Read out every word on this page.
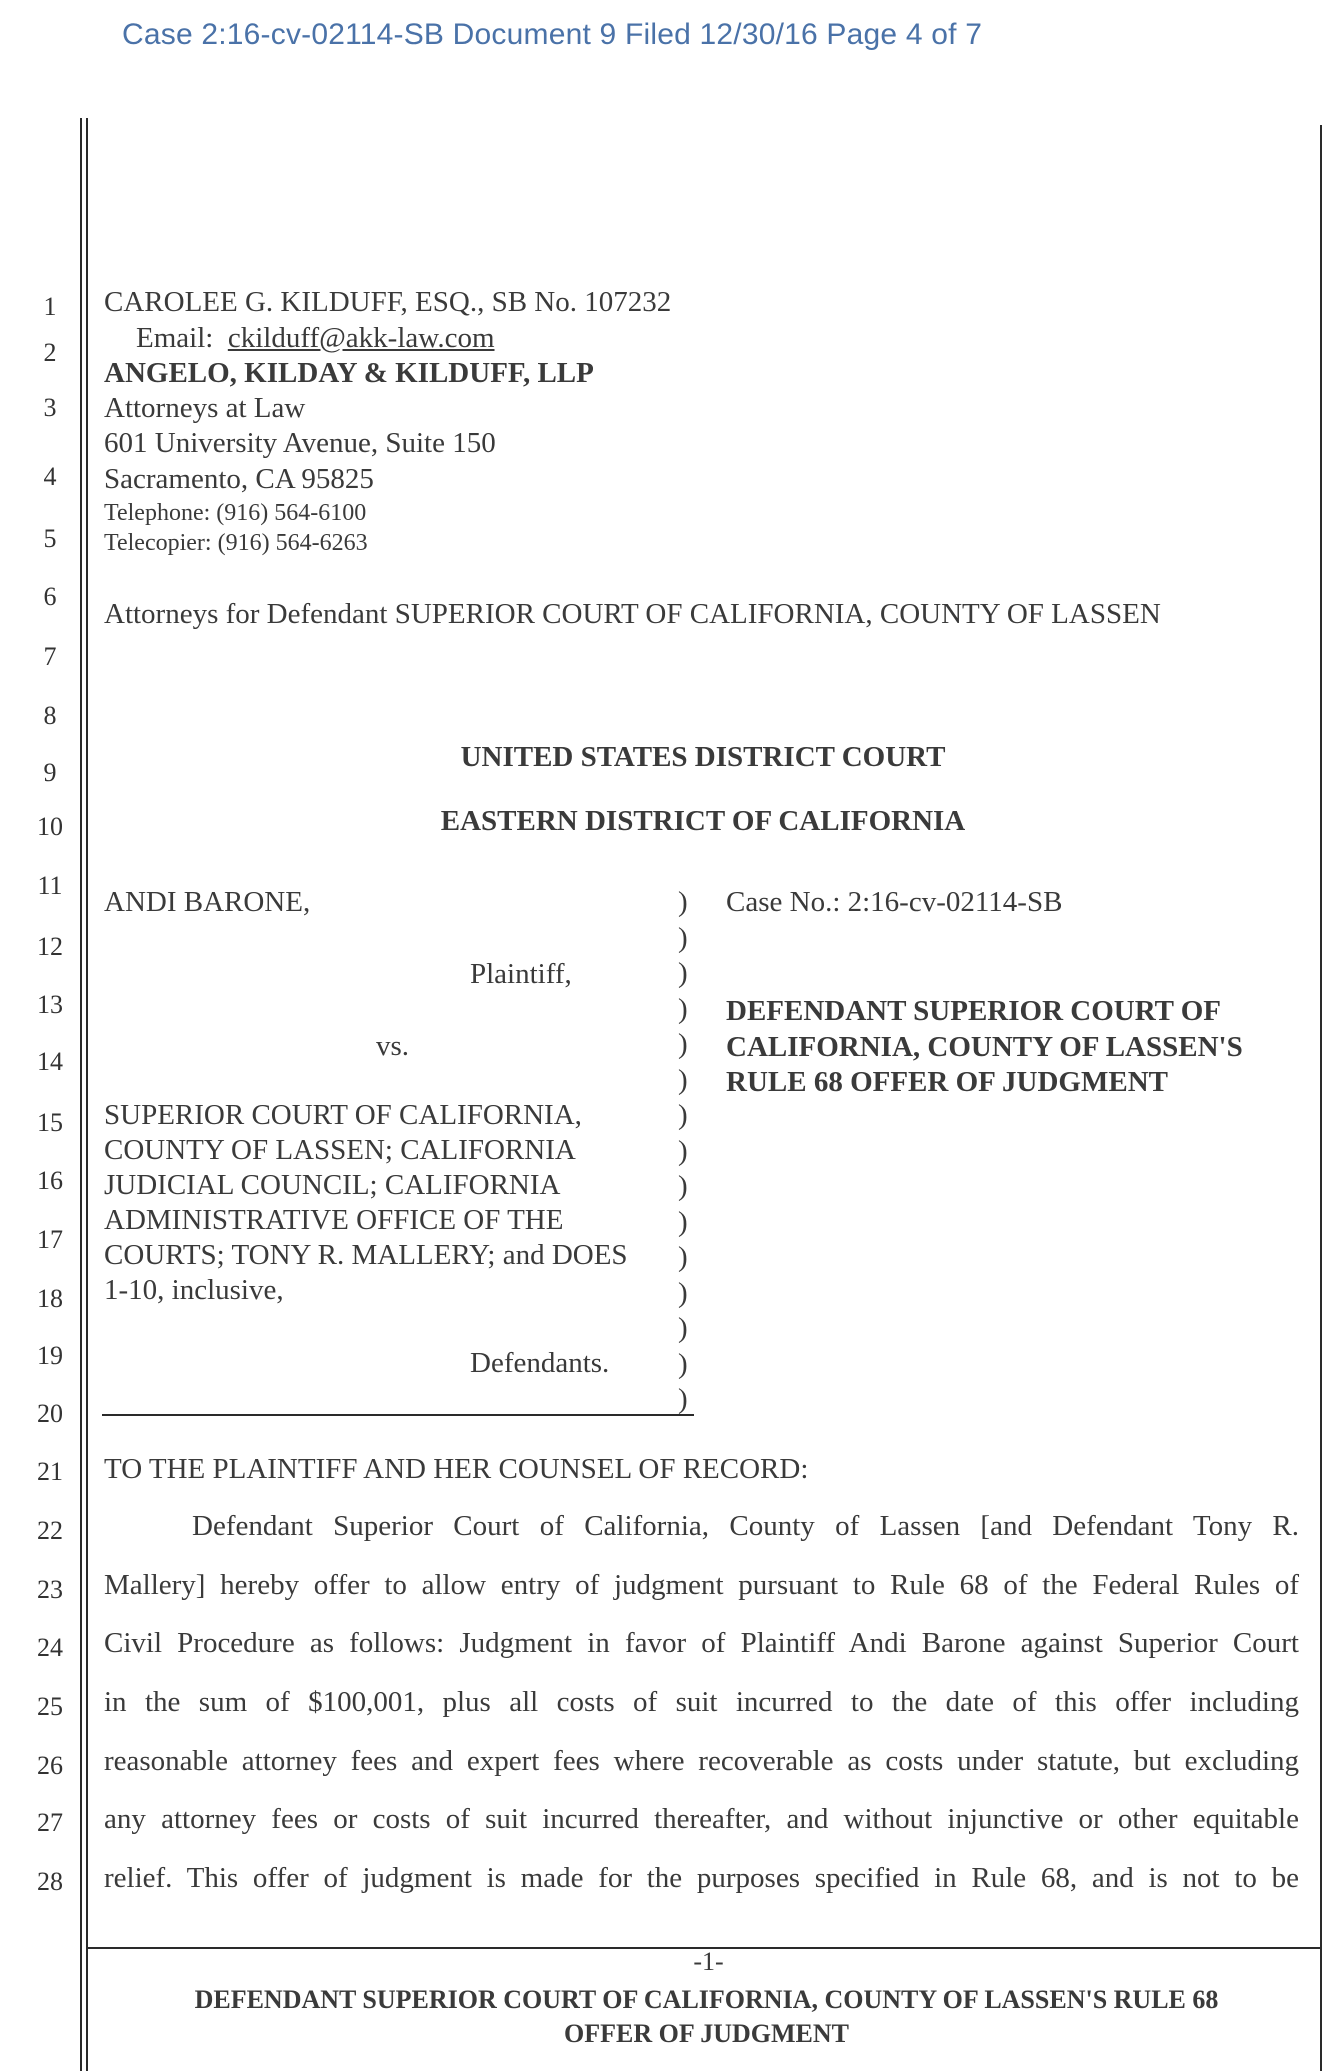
Case 2:16-cv-02114-SB Document 9 Filed 12/30/16 Page 4 of 7
1
2
3
4
5
6
7
8
9
10
11
12
13
14
15
16
17
18
19
20
21
22
23
24
25
26
27
28
CAROLEE G. KILDUFF, ESQ., SB No. 107232
Email: ckilduff@akk-law.com
ANGELO, KILDAY & KILDUFF, LLP
Attorneys at Law
601 University Avenue, Suite 150
Sacramento, CA 95825
Telephone: (916) 564-6100
Telecopier: (916) 564-6263
Attorneys for Defendant SUPERIOR COURT OF CALIFORNIA, COUNTY OF LASSEN
UNITED STATES DISTRICT COURT
EASTERN DISTRICT OF CALIFORNIA
ANDI BARONE,
Plaintiff,
vs.
SUPERIOR COURT OF CALIFORNIA,
COUNTY OF LASSEN; CALIFORNIA
JUDICIAL COUNCIL; CALIFORNIA
ADMINISTRATIVE OFFICE OF THE
COURTS; TONY R. MALLERY; and DOES
1-10, inclusive,
Defendants.
)
)
)
)
)
)
)
)
)
)
)
)
)
)
)
Case No.: 2:16-cv-02114-SB
DEFENDANT SUPERIOR COURT OF
CALIFORNIA, COUNTY OF LASSEN'S
RULE 68 OFFER OF JUDGMENT
TO THE PLAINTIFF AND HER COUNSEL OF RECORD:
Defendant Superior Court of California, County of Lassen [and Defendant Tony R.
Mallery] hereby offer to allow entry of judgment pursuant to Rule 68 of the Federal Rules of
Civil Procedure as follows: Judgment in favor of Plaintiff Andi Barone against Superior Court
in the sum of $100,001, plus all costs of suit incurred to the date of this offer including
reasonable attorney fees and expert fees where recoverable as costs under statute, but excluding
any attorney fees or costs of suit incurred thereafter, and without injunctive or other equitable
relief. This offer of judgment is made for the purposes specified in Rule 68, and is not to be
-1-
DEFENDANT SUPERIOR COURT OF CALIFORNIA, COUNTY OF LASSEN'S RULE 68
OFFER OF JUDGMENT
